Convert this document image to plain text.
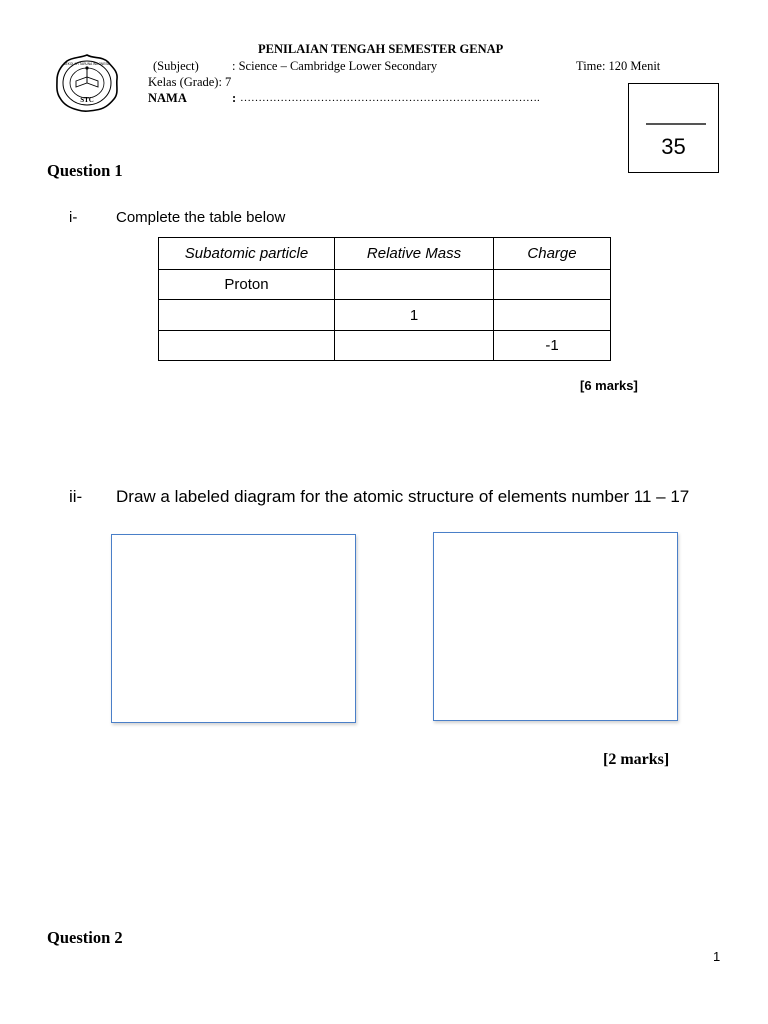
STC
SEKOLAH TARUNA INDONESIA
PENILAIAN TENGAH SEMESTER GENAP
(Subject)	: Science – Cambridge Lower Secondary	Time: 120 Menit
Kelas (Grade): 7
NAMA	: ……………………………………………………………………….
35
Question 1
i-	Complete the table below
Subatomic particle	Relative Mass	Charge
Proton		
	1	
		-1
[6 marks]
ii- Draw a labeled diagram for the atomic structure of elements number 11 – 17
[2 marks]
Question 2
1
